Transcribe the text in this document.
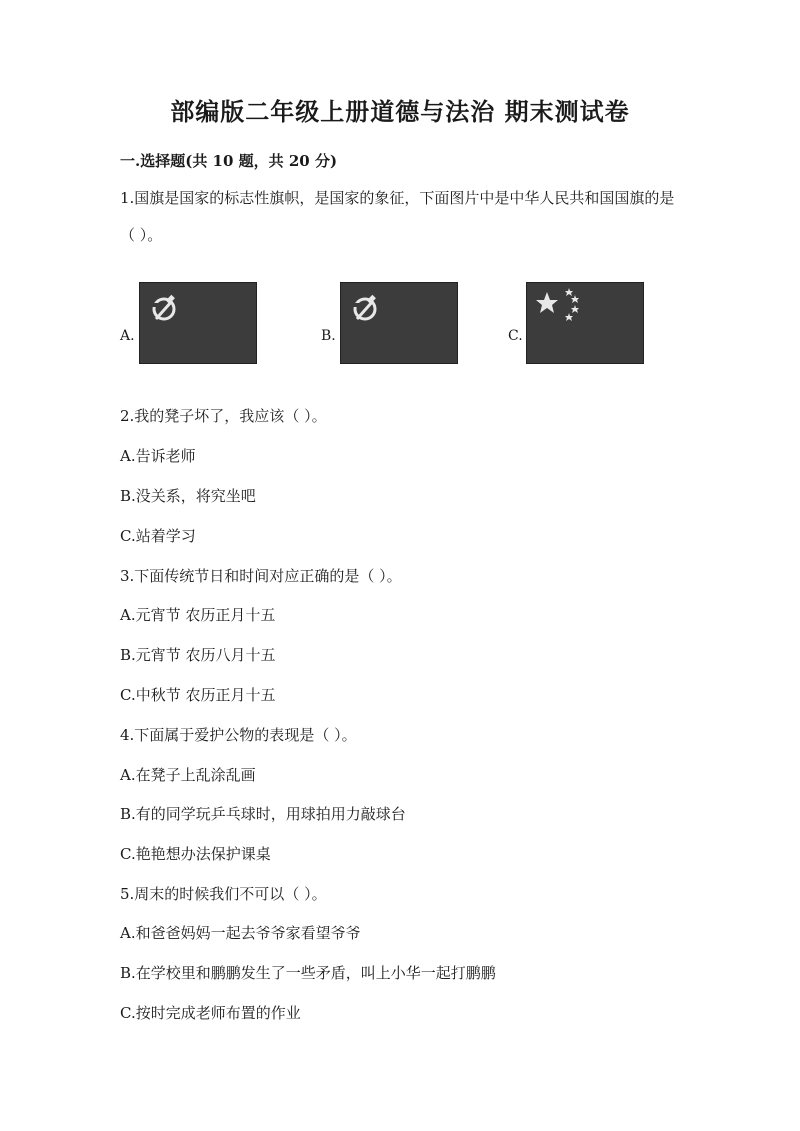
部编版二年级上册道德与法治 期末测试卷
一.选择题(共 10 题，共 20 分)
1.国旗是国家的标志性旗帜，是国家的象征，下面图片中是中华人民共和国国旗的是（ ）。
A.	B.	C.
2.我的凳子坏了，我应该（ ）。
A.告诉老师
B.没关系，将究坐吧
C.站着学习
3.下面传统节日和时间对应正确的是（ ）。
A.元宵节 农历正月十五
B.元宵节 农历八月十五
C.中秋节 农历正月十五
4.下面属于爱护公物的表现是（ ）。
A.在凳子上乱涂乱画
B.有的同学玩乒乓球时，用球拍用力敲球台
C.艳艳想办法保护课桌
5.周末的时候我们不可以（ ）。
A.和爸爸妈妈一起去爷爷家看望爷爷
B.在学校里和鹏鹏发生了一些矛盾，叫上小华一起打鹏鹏
C.按时完成老师布置的作业
